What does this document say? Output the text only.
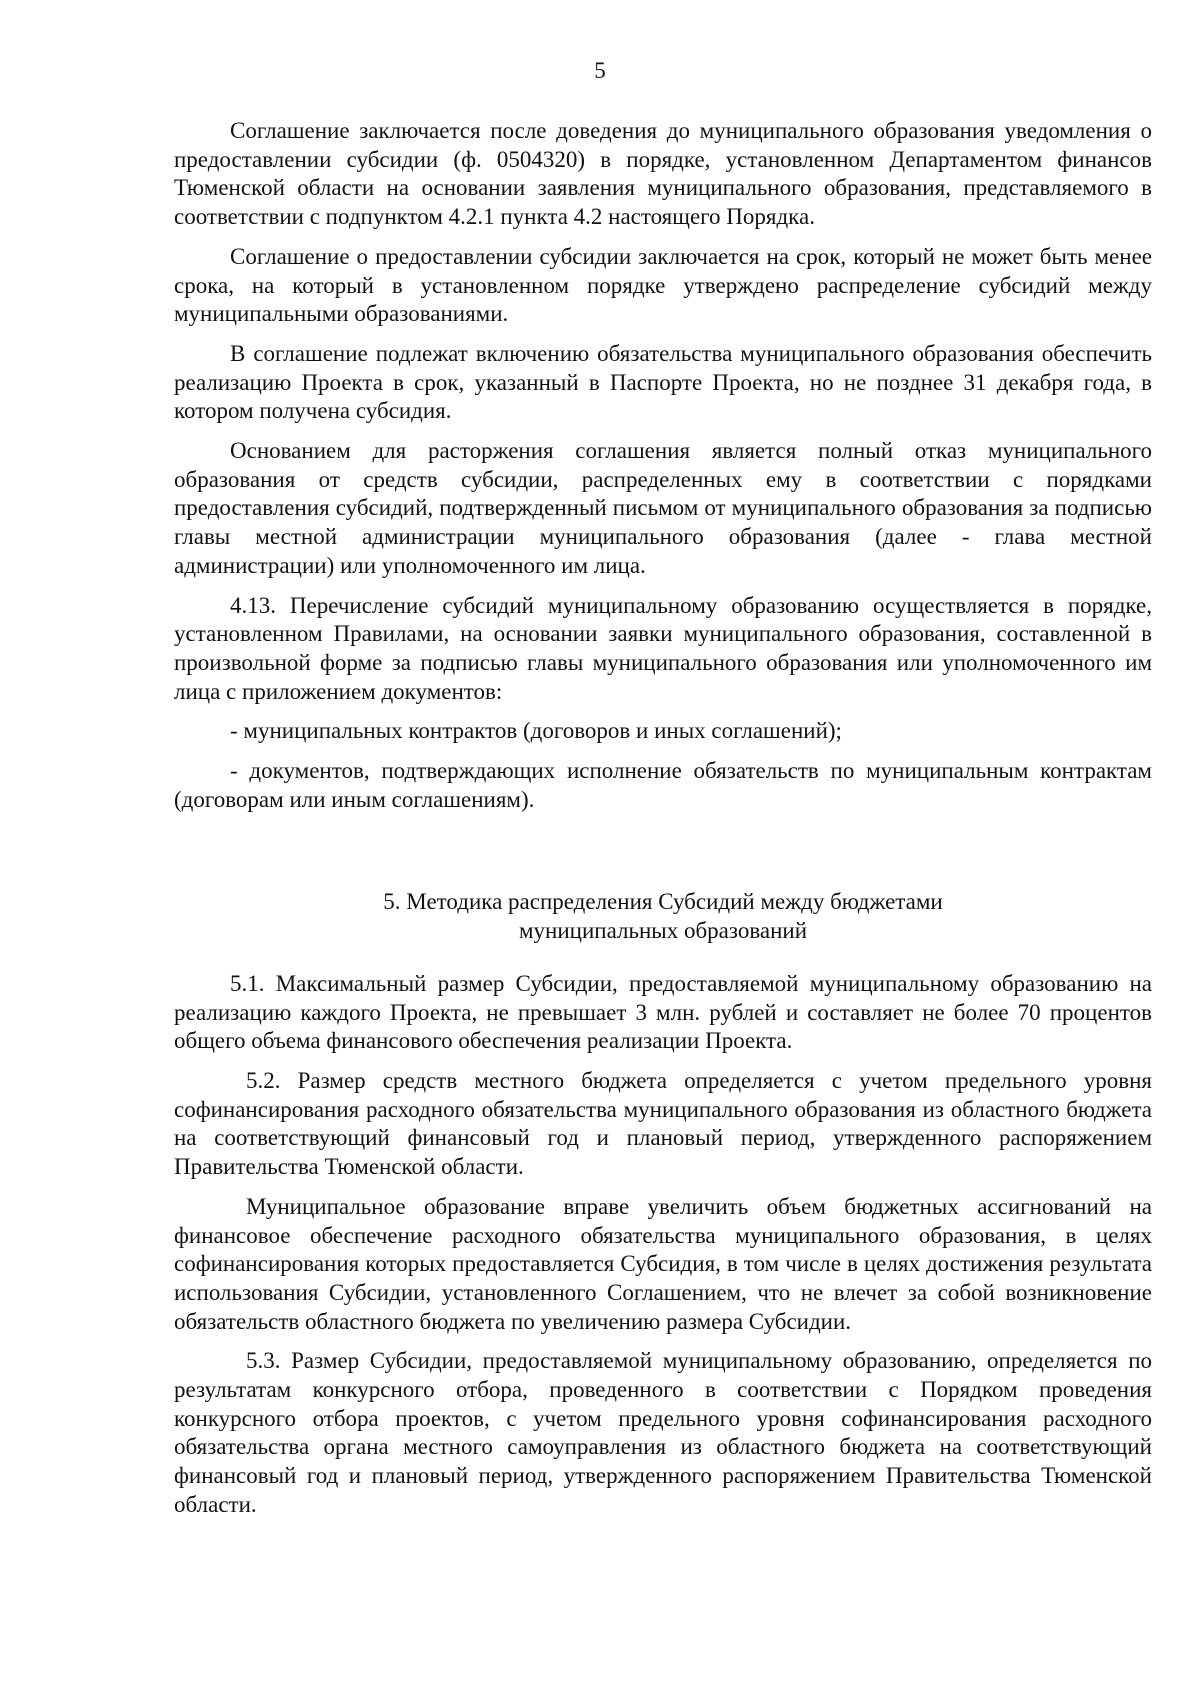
5

Соглашение заключается после доведения до муниципального образования уведомления о предоставлении субсидии (ф. 0504320) в порядке, установленном Департаментом финансов Тюменской области на основании заявления муниципального образования, представляемого в соответствии с подпунктом 4.2.1 пункта 4.2 настоящего Порядка.

Соглашение о предоставлении субсидии заключается на срок, который не может быть менее срока, на который в установленном порядке утверждено распределение субсидий между муниципальными образованиями.

В соглашение подлежат включению обязательства муниципального образования обеспечить реализацию Проекта в срок, указанный в Паспорте Проекта, но не позднее 31 декабря года, в котором получена субсидия.

Основанием для расторжения соглашения является полный отказ муниципального образования от средств субсидии, распределенных ему в соответствии с порядками предоставления субсидий, подтвержденный письмом от муниципального образования за подписью главы местной администрации муниципального образования (далее - глава местной администрации) или уполномоченного им лица.

4.13. Перечисление субсидий муниципальному образованию осуществляется в порядке, установленном Правилами, на основании заявки муниципального образования, составленной в произвольной форме за подписью главы муниципального образования или уполномоченного им лица с приложением документов:

- муниципальных контрактов (договоров и иных соглашений);

- документов, подтверждающих исполнение обязательств по муниципальным контрактам (договорам или иным соглашениям).

5. Методика распределения Субсидий между бюджетами
муниципальных образований

5.1. Максимальный размер Субсидии, предоставляемой муниципальному образованию на реализацию каждого Проекта, не превышает 3 млн. рублей и составляет не более 70 процентов общего объема финансового обеспечения реализации Проекта.

5.2. Размер средств местного бюджета определяется с учетом предельного уровня софинансирования расходного обязательства муниципального образования из областного бюджета на соответствующий финансовый год и плановый период, утвержденного распоряжением Правительства Тюменской области.

Муниципальное образование вправе увеличить объем бюджетных ассигнований на финансовое обеспечение расходного обязательства муниципального образования, в целях софинансирования которых предоставляется Субсидия, в том числе в целях достижения результата использования Субсидии, установленного Соглашением, что не влечет за собой возникновение обязательств областного бюджета по увеличению размера Субсидии.

5.3. Размер Субсидии, предоставляемой муниципальному образованию, определяется по результатам конкурсного отбора, проведенного в соответствии с Порядком проведения конкурсного отбора проектов, с учетом предельного уровня софинансирования расходного обязательства органа местного самоуправления из областного бюджета на соответствующий финансовый год и плановый период, утвержденного распоряжением Правительства Тюменской области.
